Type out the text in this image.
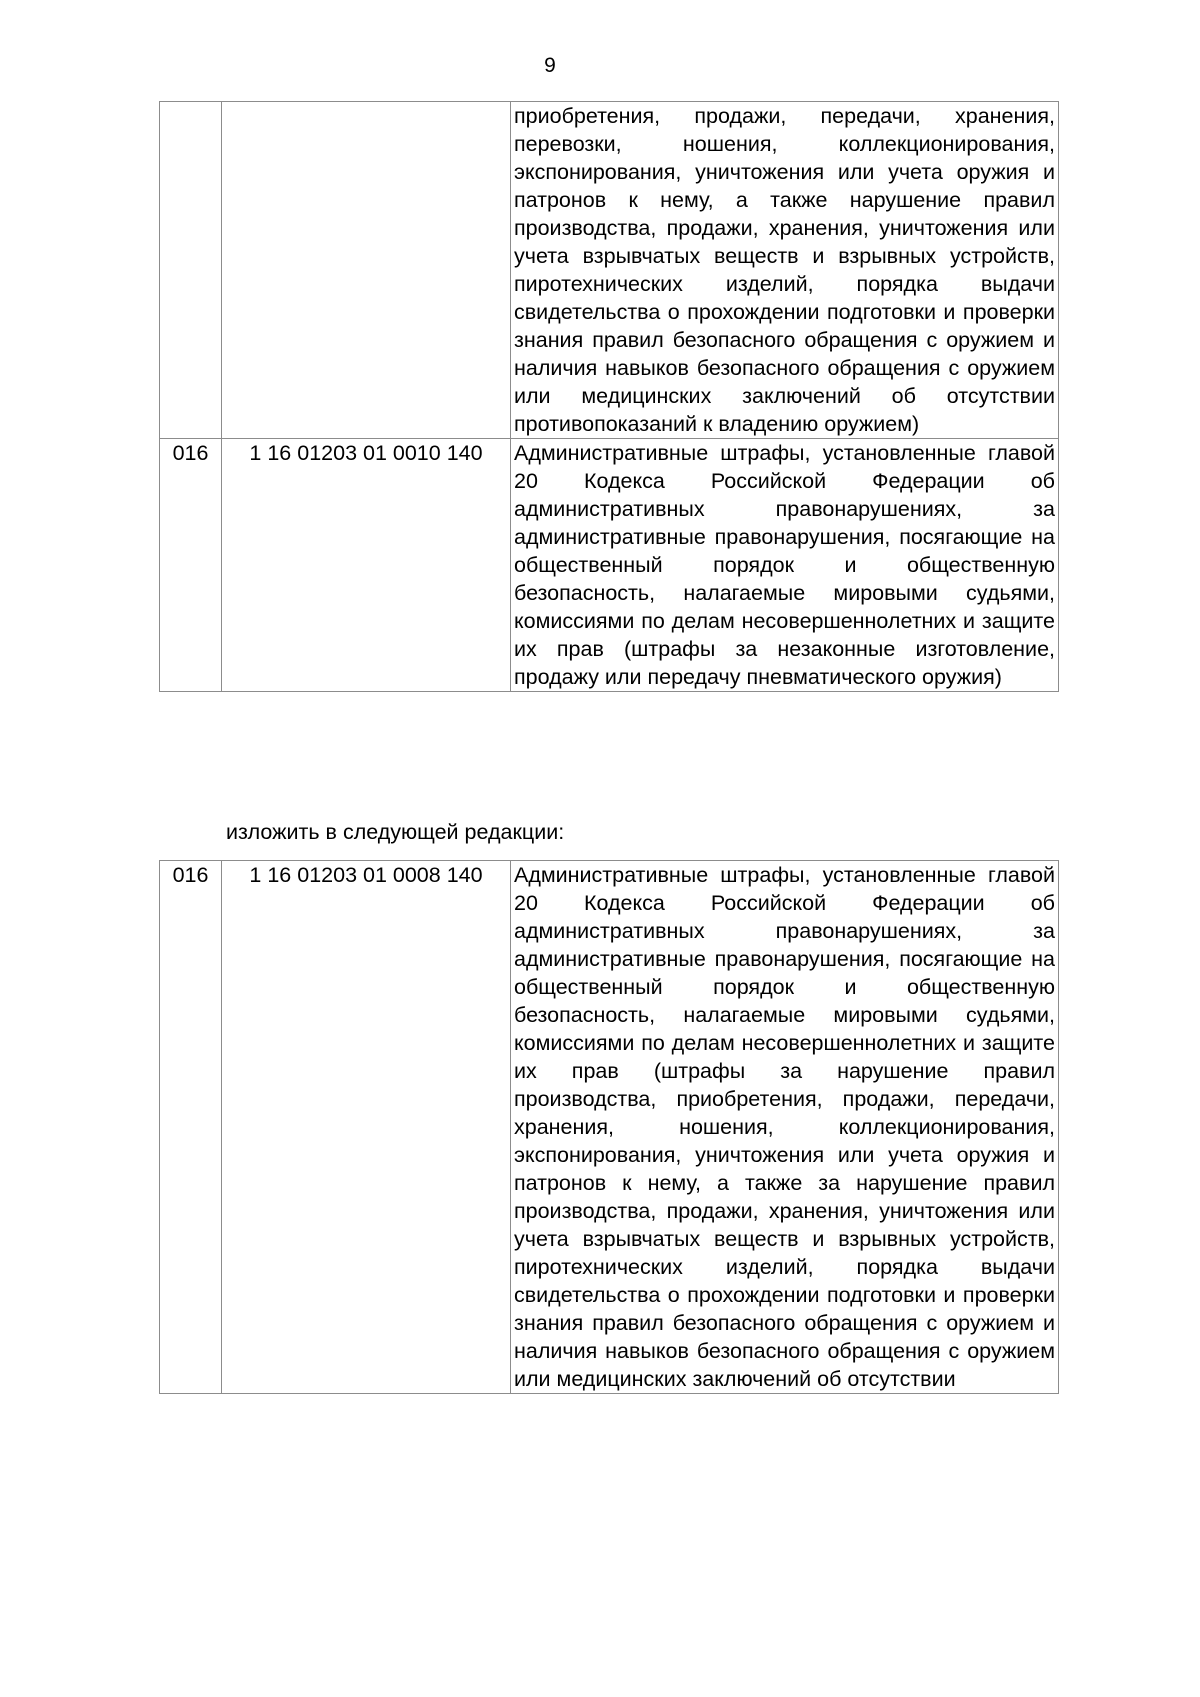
9
		приобретения, продажи, передачи, хранения, перевозки, ношения, коллекционирования, экспонирования, уничтожения или учета оружия и патронов к нему, а также нарушение правил производства, продажи, хранения, уничтожения или учета взрывчатых веществ и взрывных устройств, пиротехнических изделий, порядка выдачи свидетельства о прохождении подготовки и проверки знания правил безопасного обращения с оружием и наличия навыков безопасного обращения с оружием или медицинских заключений об отсутствии противопоказаний к владению оружием)
016	1 16 01203 01 0010 140	Административные штрафы, установленные главой 20 Кодекса Российской Федерации об административных правонарушениях, за административные правонарушения, посягающие на общественный порядок и общественную безопасность, налагаемые мировыми судьями, комиссиями по делам несовершеннолетних и защите их прав (штрафы за незаконные изготовление, продажу или передачу пневматического оружия)
изложить в следующей редакции:
016	1 16 01203 01 0008 140	Административные штрафы, установленные главой 20 Кодекса Российской Федерации об административных правонарушениях, за административные правонарушения, посягающие на общественный порядок и общественную безопасность, налагаемые мировыми судьями, комиссиями по делам несовершеннолетних и защите их прав (штрафы за нарушение правил производства, приобретения, продажи, передачи, хранения, ношения, коллекционирования, экспонирования, уничтожения или учета оружия и патронов к нему, а также за нарушение правил производства, продажи, хранения, уничтожения или учета взрывчатых веществ и взрывных устройств, пиротехнических изделий, порядка выдачи свидетельства о прохождении подготовки и проверки знания правил безопасного обращения с оружием и наличия навыков безопасного обращения с оружием или медицинских заключений об отсутствии
